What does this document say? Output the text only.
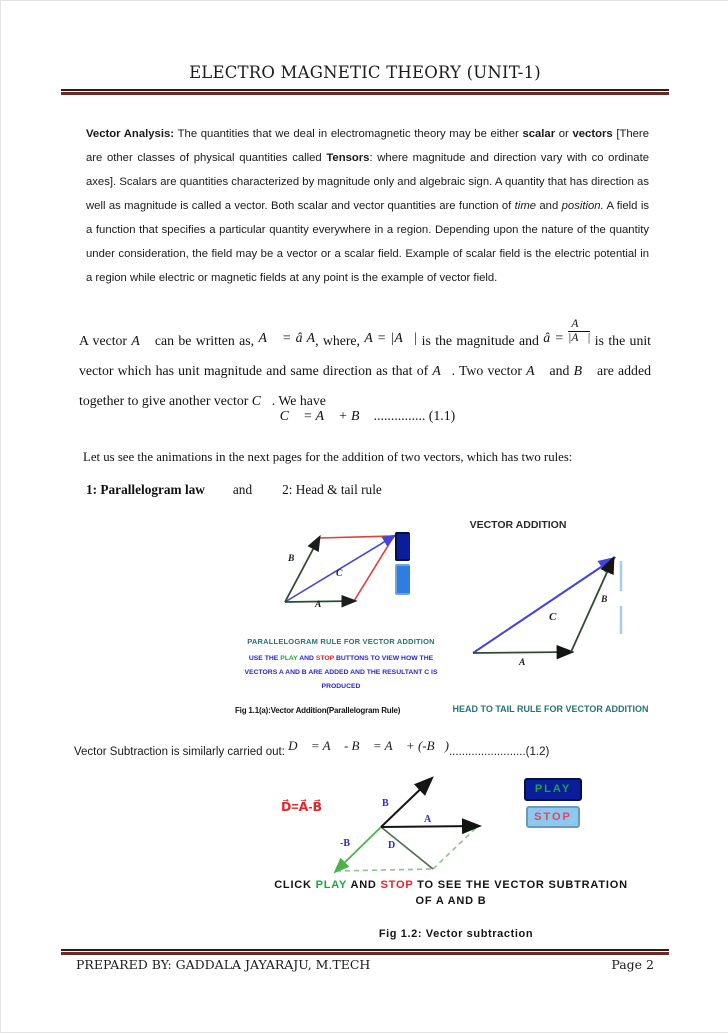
ELECTRO MAGNETIC THEORY (UNIT-1)
Vector Analysis: The quantities that we deal in electromagnetic theory may be either scalar or vectors [There are other classes of physical quantities called Tensors: where magnitude and direction vary with co ordinate axes]. Scalars are quantities characterized by magnitude only and algebraic sign. A quantity that has direction as well as magnitude is called a vector. Both scalar and vector quantities are function of time and position. A field is a function that specifies a particular quantity everywhere in a region. Depending upon the nature of the quantity under consideration, the field may be a vector or a scalar field. Example of scalar field is the electric potential in a region while electric or magnetic fields at any point is the example of vector field.
A vector A⃗ can be written as, A⃗ = â A, where, A = |A⃗| is the magnitude and â = $\frac{A⃗}{|A⃗|}$ is the unit vector which has unit magnitude and same direction as that of A⃗. Two vector A⃗ and B⃗ are added together to give another vector C⃗. We have
C⃗ = A⃗ + B⃗ ............... (1.1)
Let us see the animations in the next pages for the addition of two vectors, which has two rules:
1: Parallelogram law and 2: Head & tail rule
B⃗
C⃗
A⃗
PARALLELOGRAM RULE FOR VECTOR ADDITION
USE THE PLAY AND STOP BUTTONS TO VIEW HOW THE
VECTORS A AND B ARE ADDED AND THE RESULTANT C IS
PRODUCED
Fig 1.1(a):Vector Addition(Parallelogram Rule)
VECTOR ADDITION
A⃗
B⃗
C⃗
HEAD TO TAIL RULE FOR VECTOR ADDITION
Vector Subtraction is similarly carried out: D⃗ = A⃗ - B⃗ = A⃗ + (-B⃗)........................(1.2)
D⃗=A⃗-B⃗	B⃗
A⃗
-B⃗	D⃗
PLAY
STOP
CLICK PLAY AND STOP TO SEE THE VECTOR SUBTRATION
OF A AND B
Fig 1.2: Vector subtraction
PREPARED BY: GADDALA JAYARAJU, M.TECH	Page 2
